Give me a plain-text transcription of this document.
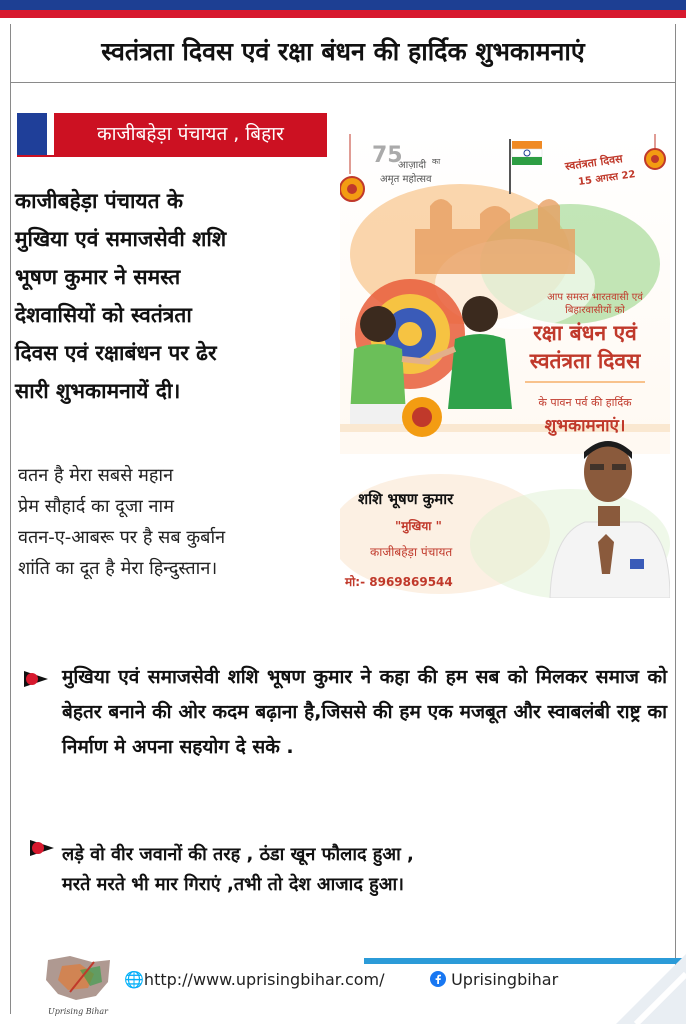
स्वतंत्रता दिवस एवं रक्षा बंधन की हार्दिक शुभकामनाएं
काजीबहेड़ा पंचायत , बिहार
काजीबहेड़ा पंचायत के
मुखिया एवं समाजसेवी शशि
भूषण कुमार ने समस्त
देशवासियों को स्वतंत्रता
दिवस एवं रक्षाबंधन पर ढेर
सारी शुभकामनायें दी।
वतन है मेरा सबसे महान
प्रेम सौहार्द का दूजा नाम
वतन-ए-आबरू पर है सब कुर्बान
शांति का दूत है मेरा हिन्दुस्तान।
75
आज़ादी का
अमृत महोत्सव
स्वतंत्रता दिवस
15 अगस्त 22
आप समस्त भारतवासी एवं
बिहारवासीयों को
रक्षा बंधन एवं
स्वतंत्रता दिवस
के पावन पर्व की हार्दिक
शुभकामनाएं।
शशि भूषण कुमार
"मुखिया "
काजीबहेड़ा पंचायत
मो:- 8969869544
मुखिया एवं समाजसेवी शशि भूषण कुमार ने कहा की हम सब को मिलकर समाज को बेहतर बनाने की ओर कदम बढ़ाना है,जिससे की हम एक मजबूत और स्वाबलंबी राष्ट्र का निर्माण मे अपना सहयोग दे सके .
लड़े वो वीर जवानों की तरह , ठंडा खून फौलाद हुआ ,
मरते मरते भी मार गिराएं ,तभी तो देश आजाद हुआ।
Uprising Bihar
🌐http://www.uprisingbihar.com/	Uprisingbihar
